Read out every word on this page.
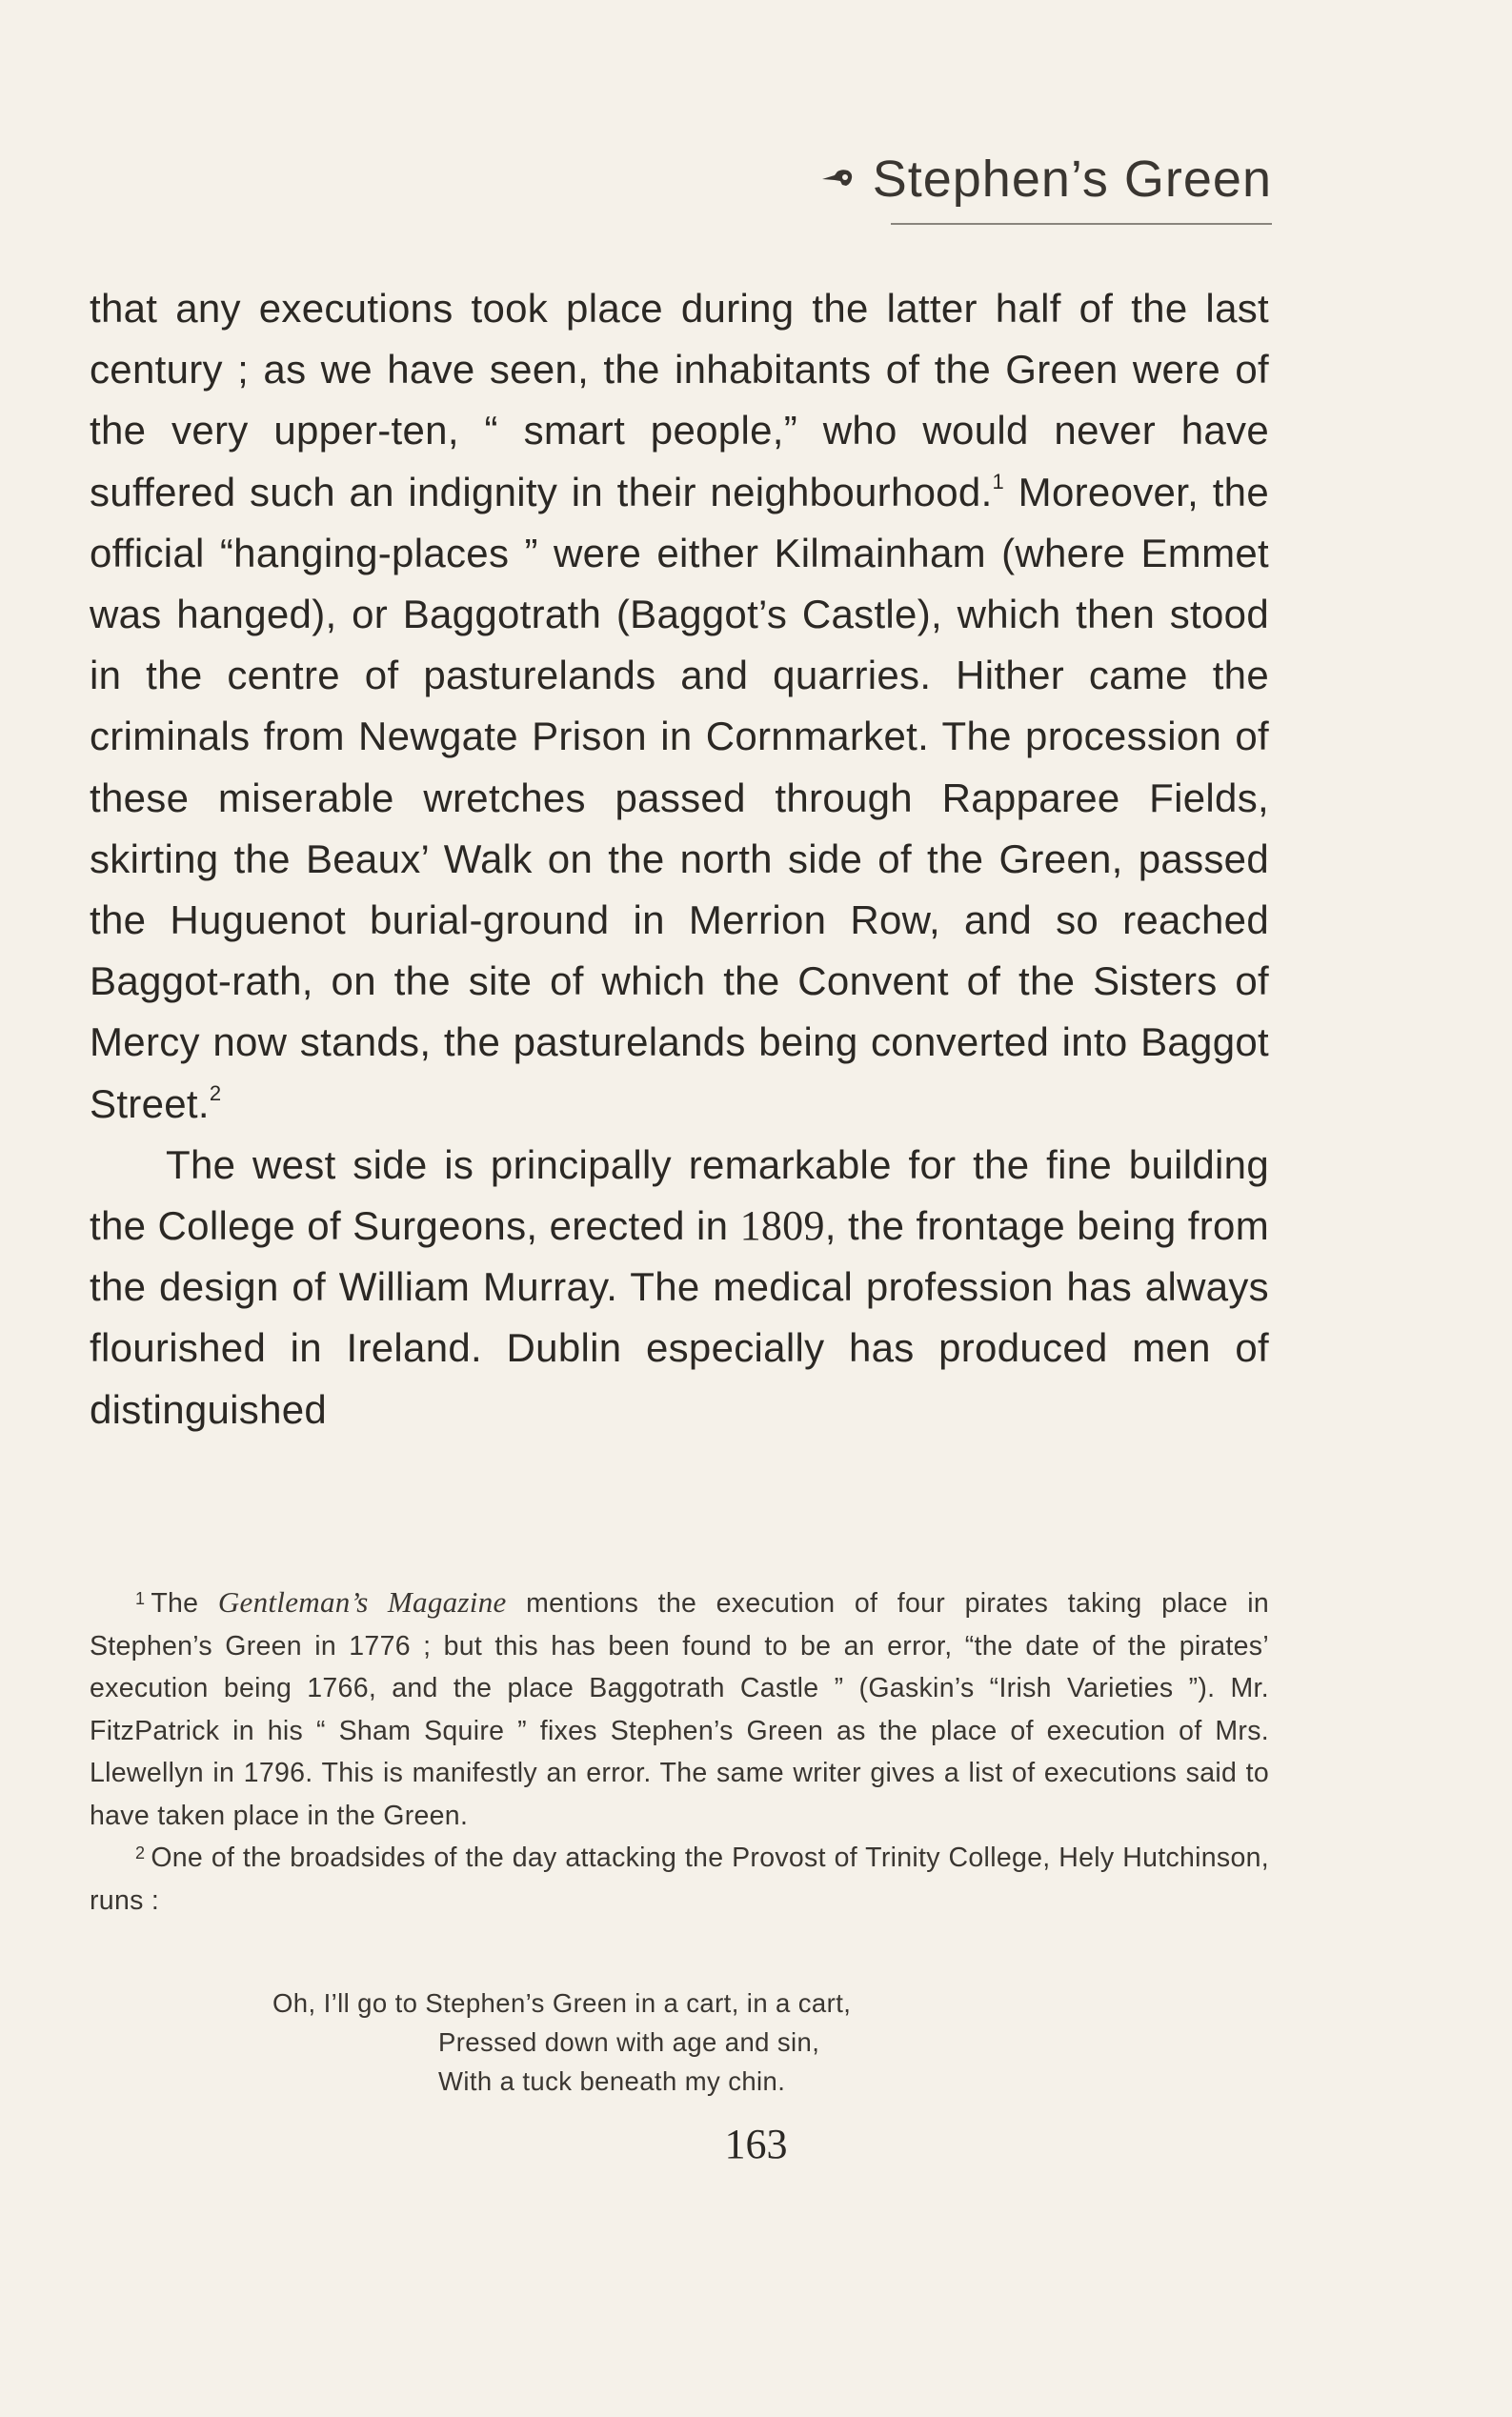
Stephen’s Green

that any executions took place during the latter half of the last century ; as we have seen, the inhabitants of the Green were of the very upper-ten, “ smart people,” who would never have suffered such an indignity in their neighbourhood.$^1$ Moreover, the official “hanging-places ” were either Kilmainham (where Emmet was hanged), or Baggotrath (Baggot’s Castle), which then stood in the centre of pasturelands and quarries. Hither came the criminals from Newgate Prison in Cornmarket. The procession of these miserable wretches passed through Rapparee Fields, skirting the Beaux’ Walk on the north side of the Green, passed the Huguenot burial-ground in Merrion Row, and so reached Baggot-rath, on the site of which the Convent of the Sisters of Mercy now stands, the pasturelands being converted into Baggot Street.$^2$

The west side is principally remarkable for the fine building the College of Surgeons, erected in 1809, the frontage being from the design of William Murray. The medical profession has always flourished in Ireland. Dublin especially has produced men of distinguished

$^1$ The Gentleman’s Magazine mentions the execution of four pirates taking place in Stephen’s Green in 1776 ; but this has been found to be an error, “the date of the pirates’ execution being 1766, and the place Baggotrath Castle ” (Gaskin’s “Irish Varieties ”). Mr. FitzPatrick in his “ Sham Squire ” fixes Stephen’s Green as the place of execution of Mrs. Llewellyn in 1796. This is manifestly an error. The same writer gives a list of executions said to have taken place in the Green.

$^2$ One of the broadsides of the day attacking the Provost of Trinity College, Hely Hutchinson, runs :

Oh, I’ll go to Stephen’s Green in a cart, in a cart,
Pressed down with age and sin,
With a tuck beneath my chin.
163
